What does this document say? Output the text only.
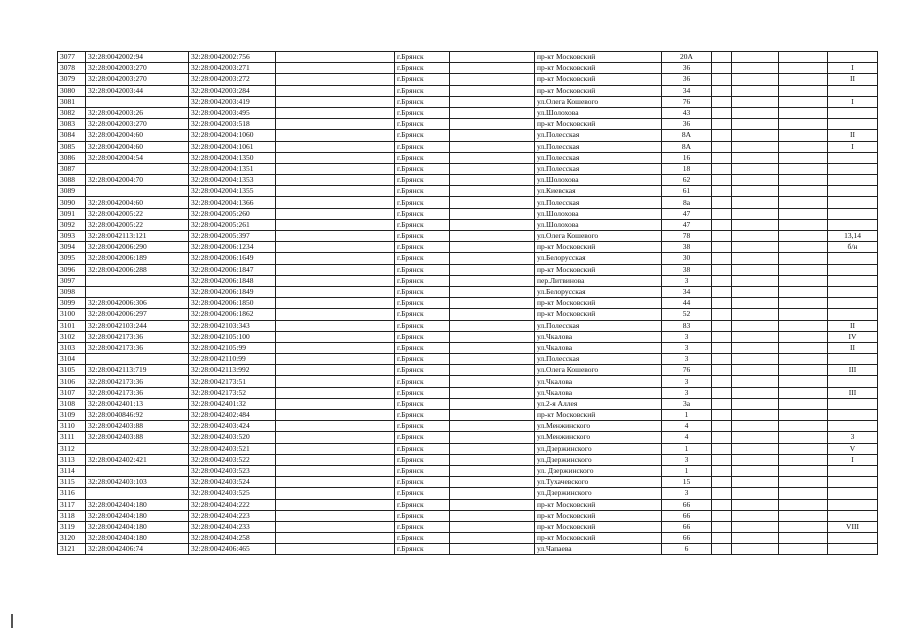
3077	32:28:0042002:94	32:28:0042002:756		г.Брянск		пр-кт Московский	20А				
3078	32:28:0042003:270	32:28:0042003:271		г.Брянск		пр-кт Московский	36				I
3079	32:28:0042003:270	32:28:0042003:272		г.Брянск		пр-кт Московский	36				II
3080	32:28:0042003:44	32:28:0042003:284		г.Брянск		пр-кт Московский	34				
3081		32:28:0042003:419		г.Брянск		ул.Олега Кошевого	76				I
3082	32:28:0042003:26	32:28:0042003:495		г.Брянск		ул.Шолохова	43				
3083	32:28:0042003:270	32:28:0042003:518		г.Брянск		пр-кт Московский	36				
3084	32:28:0042004:60	32:28:0042004:1060		г.Брянск		ул.Полесская	8А				II
3085	32:28:0042004:60	32:28:0042004:1061		г.Брянск		ул.Полесская	8А				I
3086	32:28:0042004:54	32:28:0042004:1350		г.Брянск		ул.Полесская	16				
3087		32:28:0042004:1351		г.Брянск		ул.Полесская	18				
3088	32:28:0042004:70	32:28:0042004:1353		г.Брянск		ул.Шолохова	62				
3089		32:28:0042004:1355		г.Брянск		ул.Киевская	61				
3090	32:28:0042004:60	32:28:0042004:1366		г.Брянск		ул.Полесская	8а				
3091	32:28:0042005:22	32:28:0042005:260		г.Брянск		ул.Шолохова	47				
3092	32:28:0042005:22	32:28:0042005:261		г.Брянск		ул.Шолохова	47				
3093	32:28:0042113:121	32:28:0042005:397		г.Брянск		ул.Олега Кошевого	78				13,14
3094	32:28:0042006:290	32:28:0042006:1234		г.Брянск		пр-кт Московский	38				б/н
3095	32:28:0042006:189	32:28:0042006:1649		г.Брянск		ул.Белорусская	30				
3096	32:28:0042006:288	32:28:0042006:1847		г.Брянск		пр-кт Московский	38				
3097		32:28:0042006:1848		г.Брянск		пер.Литвинова	3				
3098		32:28:0042006:1849		г.Брянск		ул.Белорусская	34				
3099	32:28:0042006:306	32:28:0042006:1850		г.Брянск		пр-кт Московский	44				
3100	32:28:0042006:297	32:28:0042006:1862		г.Брянск		пр-кт Московский	52				
3101	32:28:0042103:244	32:28:0042103:343		г.Брянск		ул.Полесская	83				II
3102	32:28:0042173:36	32:28:0042105:100		г.Брянск		ул.Чкалова	3				IV
3103	32:28:0042173:36	32:28:0042105:99		г.Брянск		ул.Чкалова	3				II
3104		32:28:0042110:99		г.Брянск		ул.Полесская	3				
3105	32:28:0042113:719	32:28:0042113:992		г.Брянск		ул.Олега Кошевого	76				III
3106	32:28:0042173:36	32:28:0042173:51		г.Брянск		ул.Чкалова	3				
3107	32:28:0042173:36	32:28:0042173:52		г.Брянск		ул.Чкалова	3				III
3108	32:28:0042401:13	32:28:0042401:32		г.Брянск		ул.2-я Аллея	3а				
3109	32:28:0040846:92	32:28:0042402:484		г.Брянск		пр-кт Московский	1				
3110	32:28:0042403:88	32:28:0042403:424		г.Брянск		ул.Менжинского	4				
3111	32:28:0042403:88	32:28:0042403:520		г.Брянск		ул.Менжинского	4				3
3112		32:28:0042403:521		г.Брянск		ул.Дзержинского	1				V
3113	32:28:0042402:421	32:28:0042403:522		г.Брянск		ул.Дзержинского	3				I
3114		32:28:0042403:523		г.Брянск		ул. Дзержинского	1				
3115	32:28:0042403:103	32:28:0042403:524		г.Брянск		ул.Тухачевского	15				
3116		32:28:0042403:525		г.Брянск		ул.Дзержинского	3				
3117	32:28:0042404:180	32:28:0042404:222		г.Брянск		пр-кт Московский	66				
3118	32:28:0042404:180	32:28:0042404:223		г.Брянск		пр-кт Московский	66				
3119	32:28:0042404:180	32:28:0042404:233		г.Брянск		пр-кт Московский	66				VIII
3120	32:28:0042404:180	32:28:0042404:258		г.Брянск		пр-кт Московский	66				
3121	32:28:0042406:74	32:28:0042406:465		г.Брянск		ул.Чапаева	6				
